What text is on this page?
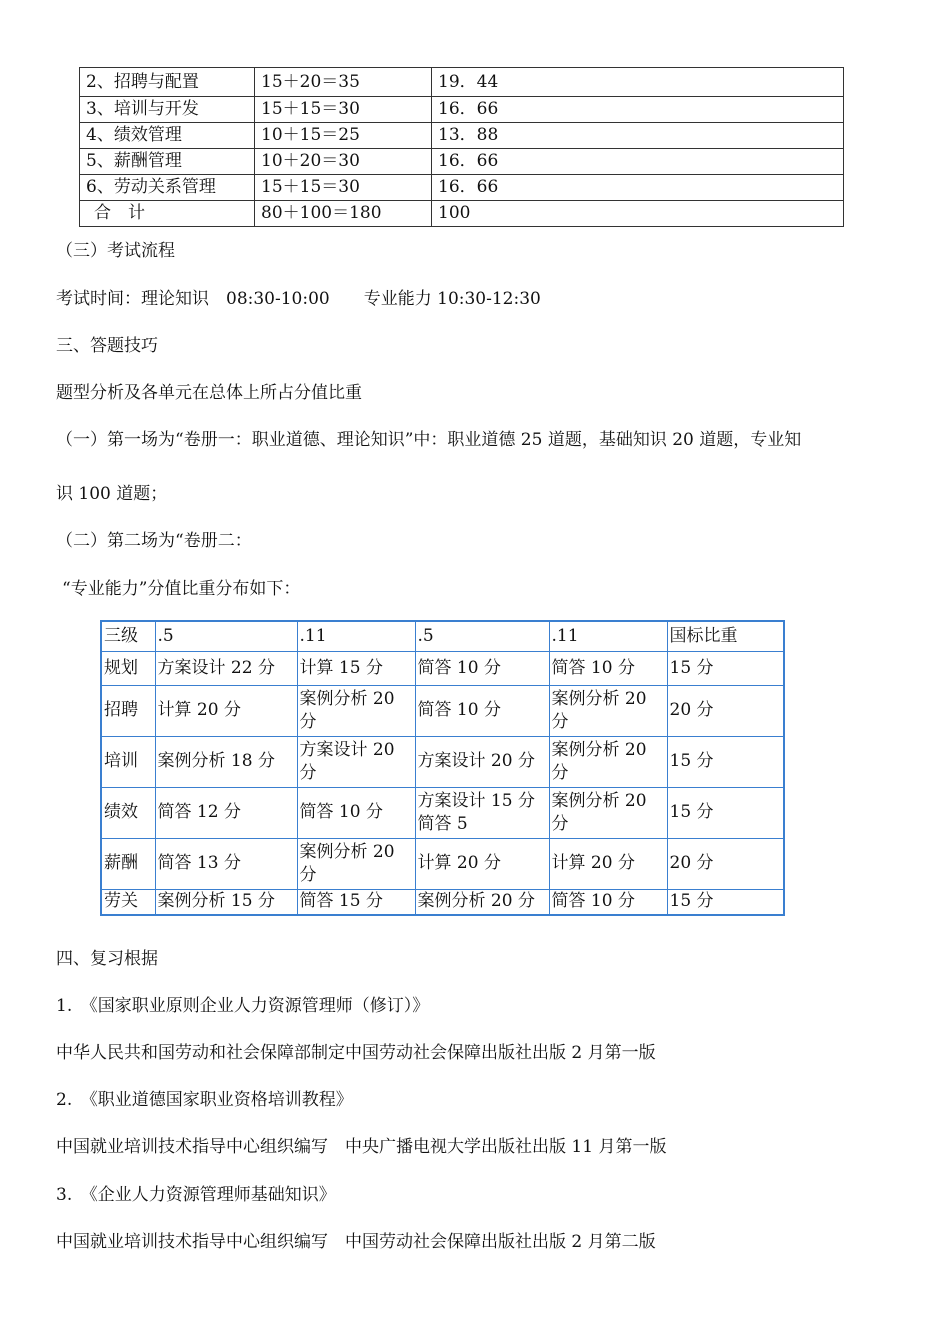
2、招聘与配置	15＋20＝35	19．44
3、培训与开发	15＋15＝30	16．66
4、绩效管理	10＋15＝25	13．88
5、薪酬管理	10＋20＝30	16．66
6、劳动关系管理	15＋15＝30	16．66
合　计	80＋100＝180	100
（三）考试流程
考试时间：理论知识　08:30-10:00　　专业能力 10:30-12:30
三、答题技巧
题型分析及各单元在总体上所占分值比重
（一）第一场为“卷册一：职业道德、理论知识”中：职业道德 25 道题，基础知识 20 道题，专业知
识 100 道题；
（二）第二场为“卷册二：
“专业能力”分值比重分布如下：
三级	.5	.11	.5	.11	国标比重
规划	方案设计 22 分	计算 15 分	简答 10 分	简答 10 分	15 分
招聘	计算 20 分	案例分析 20 分	简答 10 分	案例分析 20 分	20 分
培训	案例分析 18 分	方案设计 20 分	方案设计 20 分	案例分析 20 分	15 分
绩效	简答 12 分	简答 10 分	方案设计 15 分 简答 5	案例分析 20 分	15 分
薪酬	简答 13 分	案例分析 20 分	计算 20 分	计算 20 分	20 分
劳关	案例分析 15 分	简答 15 分	案例分析 20 分	简答 10 分	15 分
四、复习根据
1.　《国家职业原则企业人力资源管理师（修订）》
中华人民共和国劳动和社会保障部制定中国劳动社会保障出版社出版 2 月第一版
2.　《职业道德国家职业资格培训教程》
中国就业培训技术指导中心组织编写　中央广播电视大学出版社出版 11 月第一版
3.　《企业人力资源管理师基础知识》
中国就业培训技术指导中心组织编写　中国劳动社会保障出版社出版 2 月第二版
